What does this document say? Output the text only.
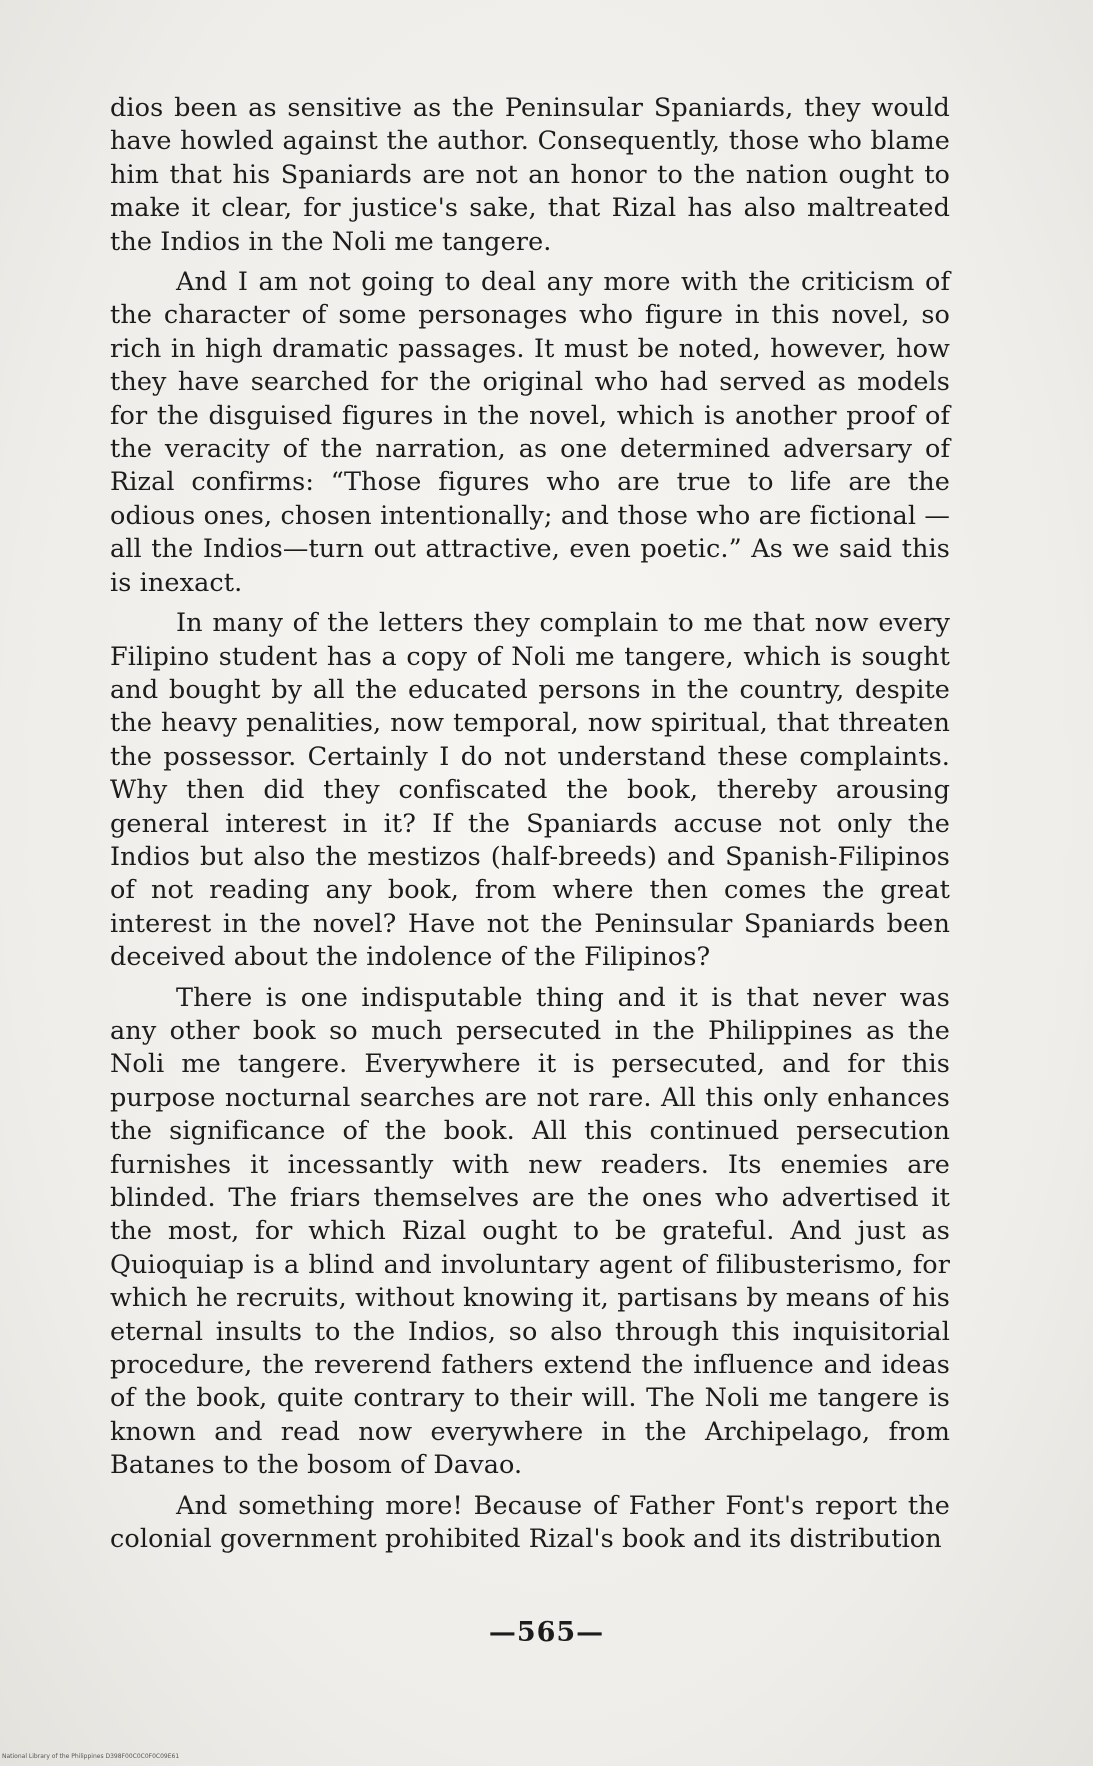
dios been as sensitive as the Peninsular Spaniards, they would have howled against the author. Consequently, those who blame him that his Spaniards are not an honor to the nation ought to make it clear, for justice's sake, that Rizal has also maltreated the Indios in the Noli me tangere.

And I am not going to deal any more with the criticism of the character of some personages who figure in this novel, so rich in high dramatic passages. It must be noted, however, how they have searched for the original who had served as models for the disguised figures in the novel, which is another proof of the veracity of the narration, as one determined adversary of Rizal confirms: “Those figures who are true to life are the odious ones, chosen intentionally; and those who are fictional — all the Indios—turn out attractive, even poetic.” As we said this is inexact.

In many of the letters they complain to me that now every Filipino student has a copy of Noli me tangere, which is sought and bought by all the educated persons in the country, despite the heavy penalities, now temporal, now spiritual, that threaten the possessor. Certainly I do not understand these complaints. Why then did they confiscated the book, thereby arousing general interest in it? If the Spaniards accuse not only the Indios but also the mestizos (half-breeds) and Spanish-Filipinos of not reading any book, from where then comes the great interest in the novel? Have not the Peninsular Spaniards been deceived about the indolence of the Filipinos?

There is one indisputable thing and it is that never was any other book so much persecuted in the Philippines as the Noli me tangere. Everywhere it is persecuted, and for this purpose nocturnal searches are not rare. All this only enhances the significance of the book. All this continued persecution furnishes it incessantly with new readers. Its enemies are blinded. The friars themselves are the ones who advertised it the most, for which Rizal ought to be grateful. And just as Quioquiap is a blind and involuntary agent of filibusterismo, for which he recruits, without knowing it, partisans by means of his eternal insults to the Indios, so also through this inquisitorial procedure, the reverend fathers extend the influence and ideas of the book, quite contrary to their will. The Noli me tangere is known and read now everywhere in the Archipelago, from Batanes to the bosom of Davao.

And something more! Because of Father Font's report the colonial government prohibited Rizal's book and its distribution

—565—
National Library of the Philippines D398F00C0C0F0C09E61
